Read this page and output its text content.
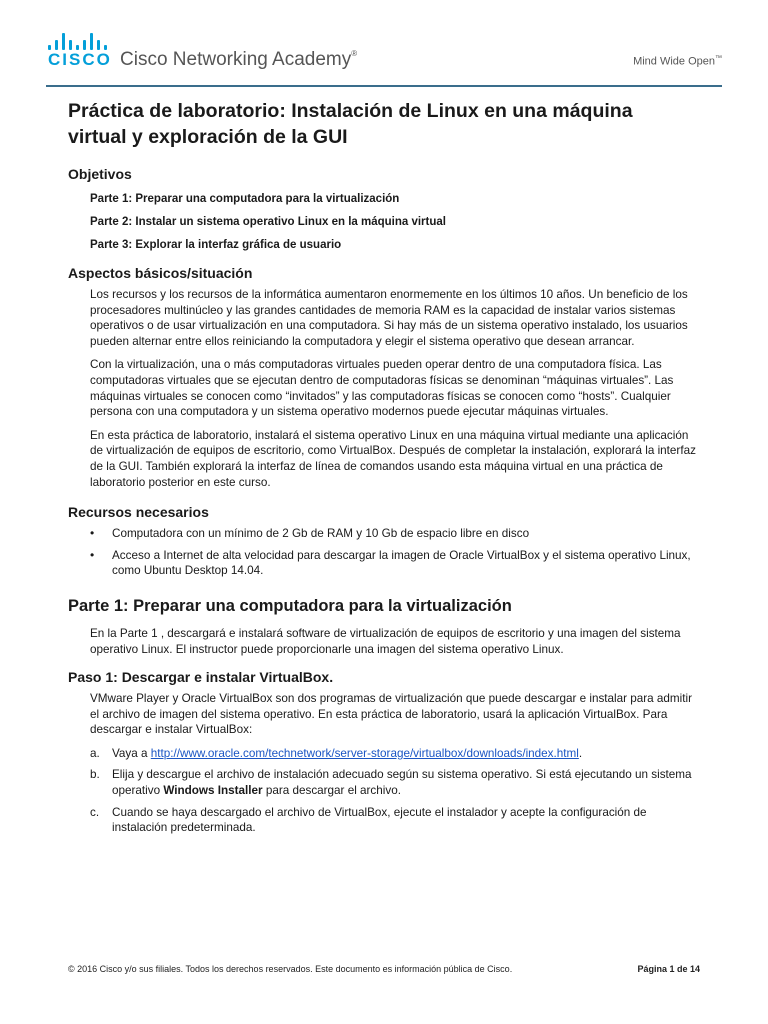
CISCO Cisco Networking Academy®
Mind Wide Open™
Práctica de laboratorio: Instalación de Linux en una máquina
virtual y exploración de la GUI
Objetivos
Parte 1: Preparar una computadora para la virtualización
Parte 2: Instalar un sistema operativo Linux en la máquina virtual
Parte 3: Explorar la interfaz gráfica de usuario
Aspectos básicos/situación

Los recursos y los recursos de la informática aumentaron enormemente en los últimos 10 años. Un beneficio de los procesadores multinúcleo y las grandes cantidades de memoria RAM es la capacidad de instalar varios sistemas operativos o de usar virtualización en una computadora. Si hay más de un sistema operativo instalado, los usuarios pueden alternar entre ellos reiniciando la computadora y elegir el sistema operativo que desean arrancar.

Con la virtualización, una o más computadoras virtuales pueden operar dentro de una computadora física. Las computadoras virtuales que se ejecutan dentro de computadoras físicas se denominan “máquinas virtuales”. Las máquinas virtuales se conocen como “invitados” y las computadoras físicas se conocen como “hosts”. Cualquier persona con una computadora y un sistema operativo modernos puede ejecutar máquinas virtuales.

En esta práctica de laboratorio, instalará el sistema operativo Linux en una máquina virtual mediante una aplicación de virtualización de equipos de escritorio, como VirtualBox. Después de completar la instalación, explorará la interfaz de la GUI. También explorará la interfaz de línea de comandos usando esta máquina virtual en una práctica de laboratorio posterior en este curso.

Recursos necesarios
• Computadora con un mínimo de 2 Gb de RAM y 10 Gb de espacio libre en disco
• Acceso a Internet de alta velocidad para descargar la imagen de Oracle VirtualBox y el sistema operativo Linux, como Ubuntu Desktop 14.04.
Parte 1: Preparar una computadora para la virtualización

En la Parte 1 , descargará e instalará software de virtualización de equipos de escritorio y una imagen del sistema operativo Linux. El instructor puede proporcionarle una imagen del sistema operativo Linux.

Paso 1: Descargar e instalar VirtualBox.

VMware Player y Oracle VirtualBox son dos programas de virtualización que puede descargar e instalar para admitir el archivo de imagen del sistema operativo. En esta práctica de laboratorio, usará la aplicación VirtualBox. Para descargar e instalar VirtualBox:

a. Vaya a http://www.oracle.com/technetwork/server-storage/virtualbox/downloads/index.html.
b. Elija y descargue el archivo de instalación adecuado según su sistema operativo. Si está ejecutando un sistema operativo Windows Installer para descargar el archivo.
c. Cuando se haya descargado el archivo de VirtualBox, ejecute el instalador y acepte la configuración de instalación predeterminada.
© 2016 Cisco y/o sus filiales. Todos los derechos reservados. Este documento es información pública de Cisco.	Página 1 de 14
